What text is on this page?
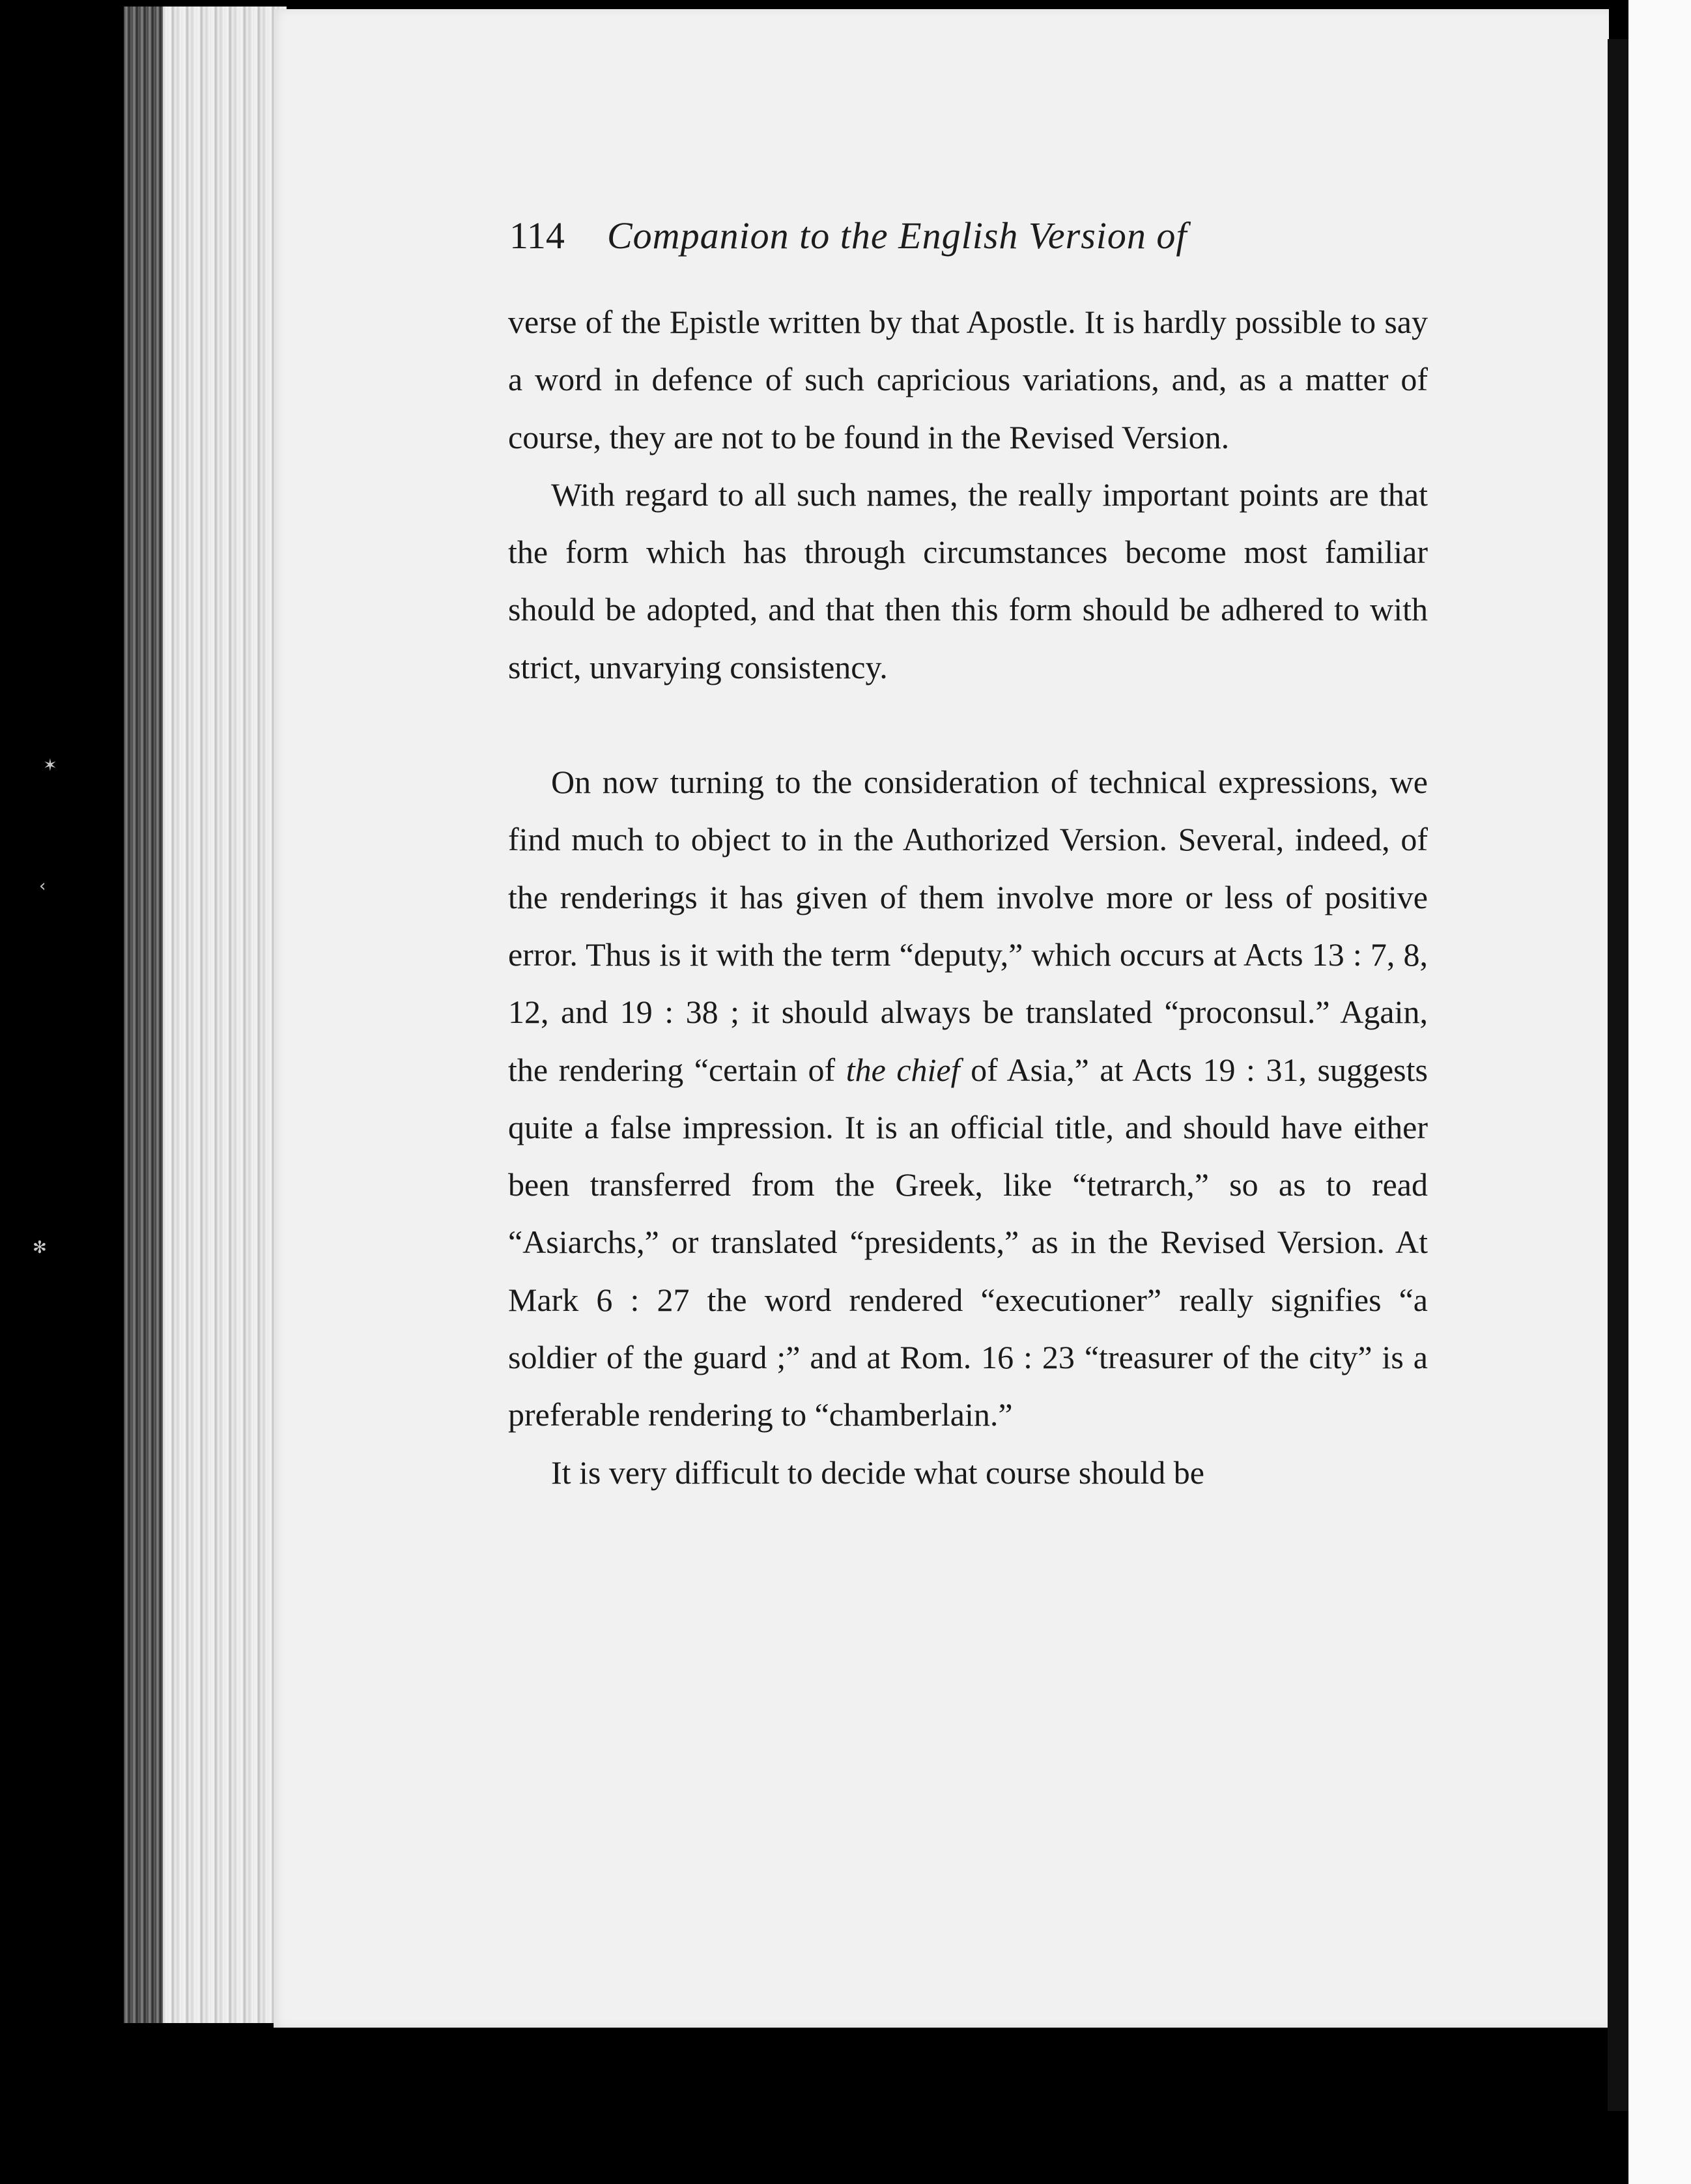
✶
‹
✻
114 Companion to the English Version of

verse of the Epistle written by that Apostle. It is hardly possible to say a word in defence of such capricious variations, and, as a matter of course, they are not to be found in the Revised Version.

With regard to all such names, the really important points are that the form which has through circumstances become most familiar should be adopted, and that then this form should be adhered to with strict, unvarying consistency.

On now turning to the consideration of technical expressions, we find much to object to in the Authorized Version. Several, indeed, of the renderings it has given of them involve more or less of positive error. Thus is it with the term “deputy,” which occurs at Acts 13 : 7, 8, 12, and 19 : 38 ; it should always be translated “proconsul.” Again, the rendering “certain of the chief of Asia,” at Acts 19 : 31, suggests quite a false impression. It is an official title, and should have either been transferred from the Greek, like “tetrarch,” so as to read “Asiarchs,” or translated “presidents,” as in the Revised Version. At Mark 6 : 27 the word rendered “executioner” really signifies “a soldier of the guard ;” and at Rom. 16 : 23 “treasurer of the city” is a preferable rendering to “chamberlain.”

It is very difficult to decide what course should be
